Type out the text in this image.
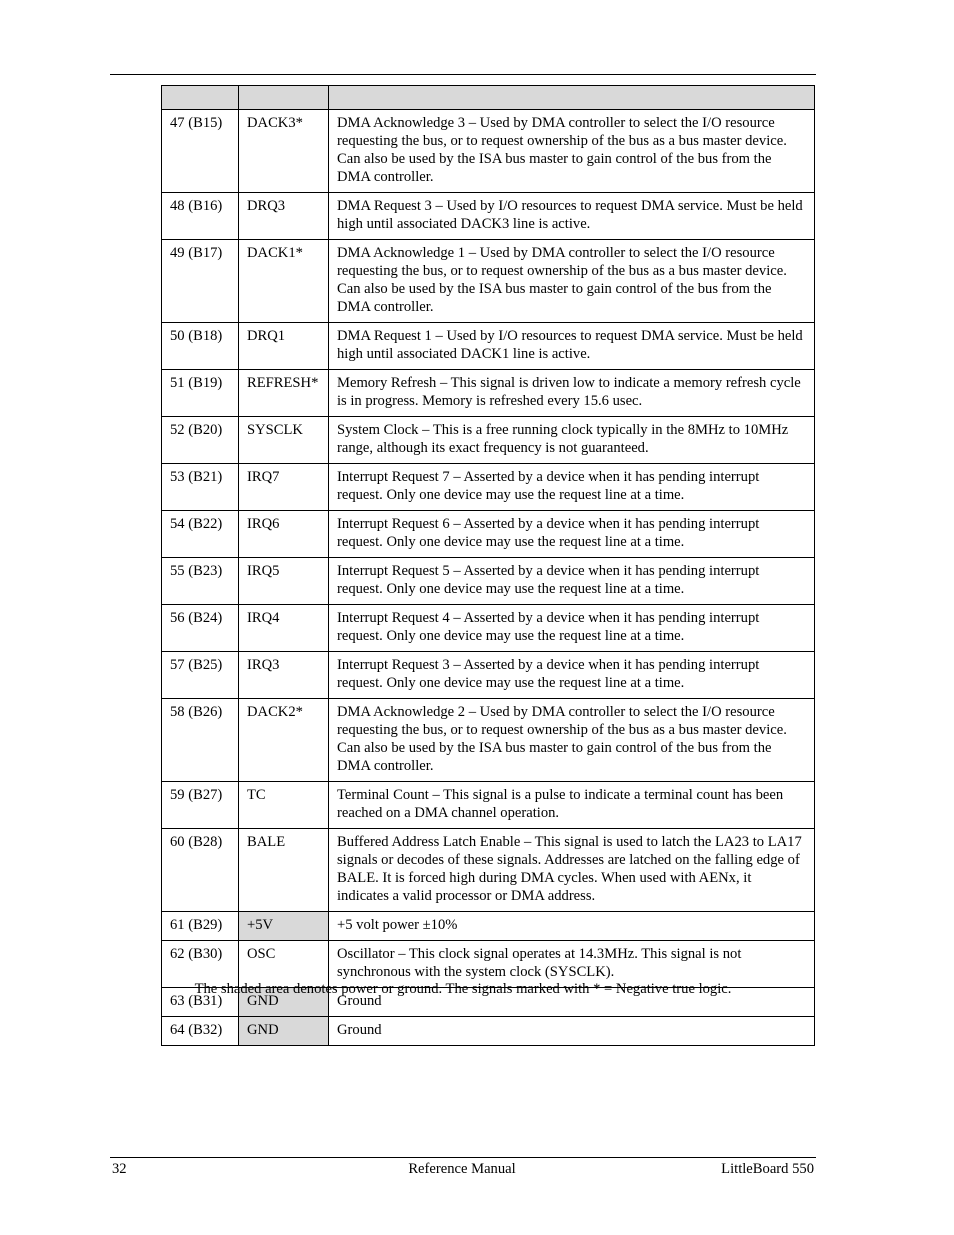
47 (B15)	DACK3*	DMA Acknowledge 3 – Used by DMA controller to select the I/O resource requesting the bus, or to request ownership of the bus as a bus master device. Can also be used by the ISA bus master to gain control of the bus from the DMA controller.
48 (B16)	DRQ3	DMA Request 3 – Used by I/O resources to request DMA service. Must be held high until associated DACK3 line is active.
49 (B17)	DACK1*	DMA Acknowledge 1 – Used by DMA controller to select the I/O resource requesting the bus, or to request ownership of the bus as a bus master device. Can also be used by the ISA bus master to gain control of the bus from the DMA controller.
50 (B18)	DRQ1	DMA Request 1 – Used by I/O resources to request DMA service. Must be held high until associated DACK1 line is active.
51 (B19)	REFRESH*	Memory Refresh – This signal is driven low to indicate a memory refresh cycle is in progress. Memory is refreshed every 15.6 usec.
52 (B20)	SYSCLK	System Clock – This is a free running clock typically in the 8MHz to 10MHz range, although its exact frequency is not guaranteed.
53 (B21)	IRQ7	Interrupt Request 7 – Asserted by a device when it has pending interrupt request. Only one device may use the request line at a time.
54 (B22)	IRQ6	Interrupt Request 6 – Asserted by a device when it has pending interrupt request. Only one device may use the request line at a time.
55 (B23)	IRQ5	Interrupt Request 5 – Asserted by a device when it has pending interrupt request. Only one device may use the request line at a time.
56 (B24)	IRQ4	Interrupt Request 4 – Asserted by a device when it has pending interrupt request. Only one device may use the request line at a time.
57 (B25)	IRQ3	Interrupt Request 3 – Asserted by a device when it has pending interrupt request. Only one device may use the request line at a time.
58 (B26)	DACK2*	DMA Acknowledge 2 – Used by DMA controller to select the I/O resource requesting the bus, or to request ownership of the bus as a bus master device. Can also be used by the ISA bus master to gain control of the bus from the DMA controller.
59 (B27)	TC	Terminal Count – This signal is a pulse to indicate a terminal count has been reached on a DMA channel operation.
60 (B28)	BALE	Buffered Address Latch Enable – This signal is used to latch the LA23 to LA17 signals or decodes of these signals. Addresses are latched on the falling edge of BALE. It is forced high during DMA cycles. When used with AENx, it indicates a valid processor or DMA address.
61 (B29)	+5V	+5 volt power ±10%
62 (B30)	OSC	Oscillator – This clock signal operates at 14.3MHz. This signal is not synchronous with the system clock (SYSCLK).
63 (B31)	GND	Ground
64 (B32)	GND	Ground
The shaded area denotes power or ground. The signals marked with * = Negative true logic.
32	Reference Manual	LittleBoard 550
